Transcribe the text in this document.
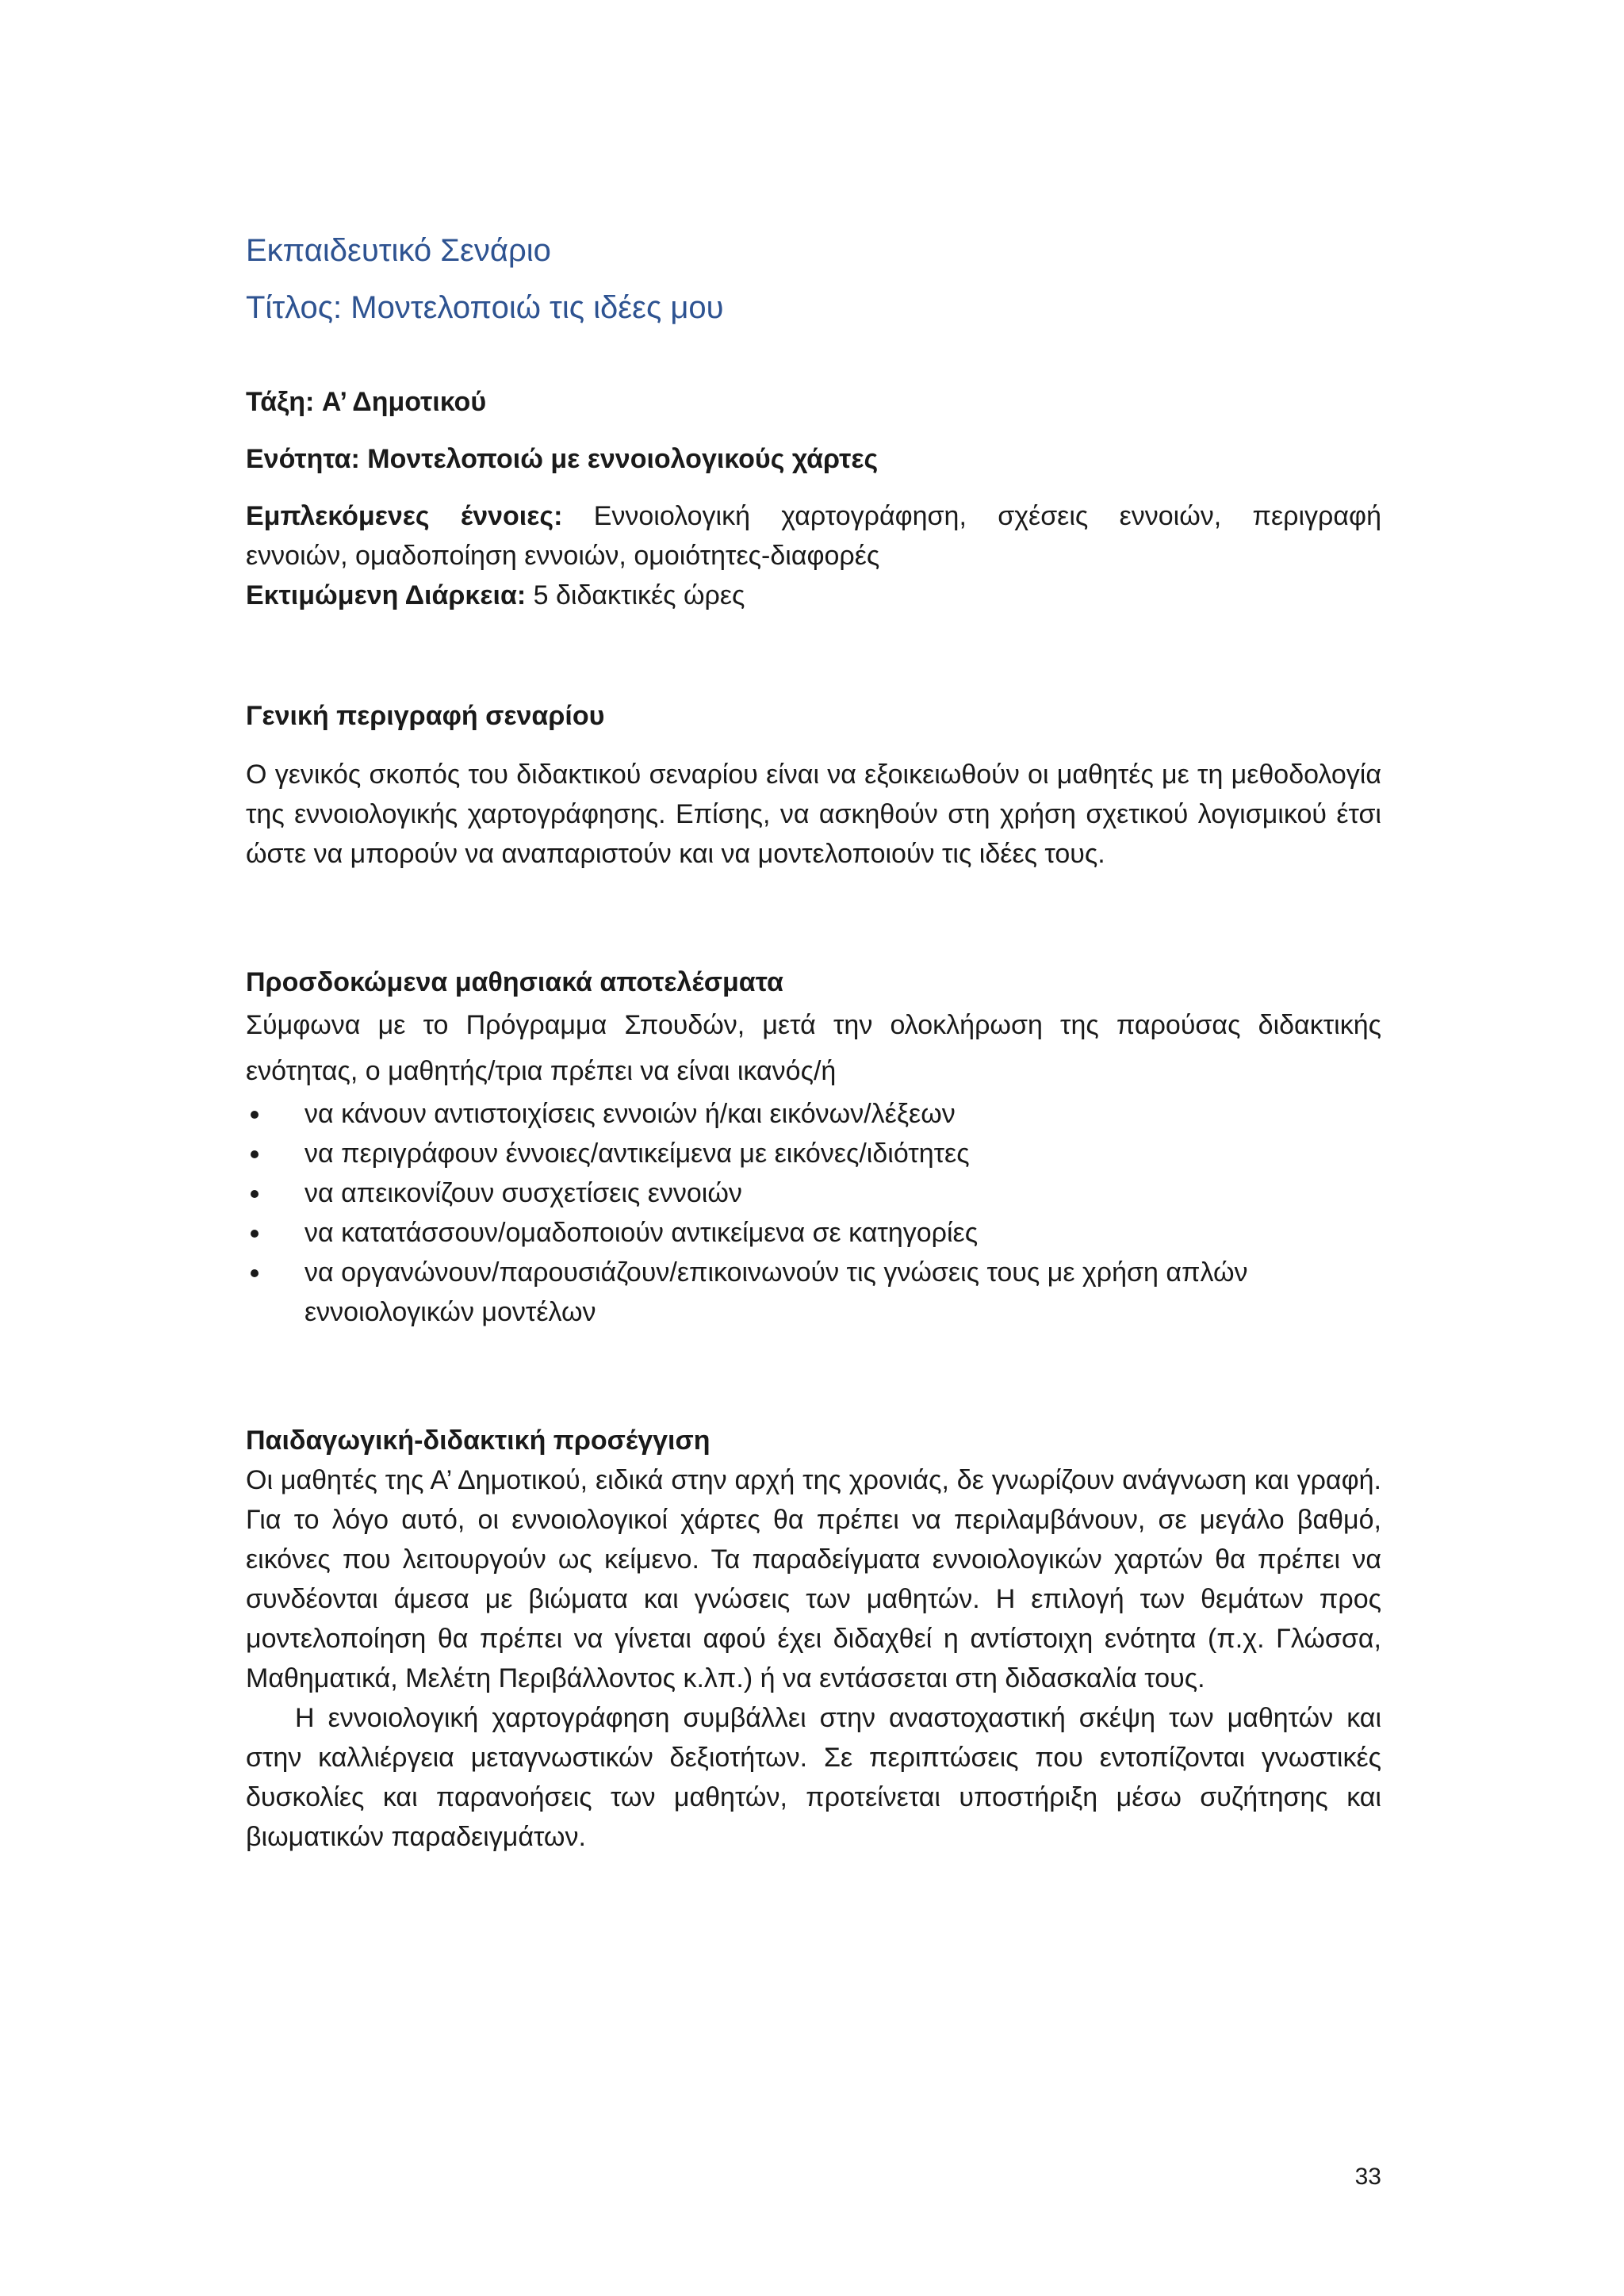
Εκπαιδευτικό Σενάριο
Τίτλος: Μοντελοποιώ τις ιδέες μου

Τάξη: Α’ Δημοτικού

Ενότητα: Μοντελοποιώ με εννοιολογικούς χάρτες

Εμπλεκόμενες έννοιες: Εννοιολογική χαρτογράφηση, σχέσεις εννοιών, περιγραφή

εννοιών, ομαδοποίηση εννοιών, ομοιότητες-διαφορές

Εκτιμώμενη Διάρκεια: 5 διδακτικές ώρες

Γενική περιγραφή σεναρίου

Ο γενικός σκοπός του διδακτικού σεναρίου είναι να εξοικειωθούν οι μαθητές με τη μεθοδολογία της εννοιολογικής χαρτογράφησης. Επίσης, να ασκηθούν στη χρήση σχετικού λογισμικού έτσι ώστε να μπορούν να αναπαριστούν και να μοντελοποιούν τις ιδέες τους.

Προσδοκώμενα μαθησιακά αποτελέσματα

Σύμφωνα με το Πρόγραμμα Σπουδών, μετά την ολοκλήρωση της παρούσας διδακτικής ενότητας, ο μαθητής/τρια πρέπει να είναι ικανός/ή

να κάνουν αντιστοιχίσεις εννοιών ή/και εικόνων/λέξεων
να περιγράφουν έννοιες/αντικείμενα με εικόνες/ιδιότητες
να απεικονίζουν συσχετίσεις εννοιών
να κατατάσσουν/ομαδοποιούν αντικείμενα σε κατηγορίες
να οργανώνουν/παρουσιάζουν/επικοινωνούν τις γνώσεις τους με χρήση απλών εννοιολογικών μοντέλων
Παιδαγωγική-διδακτική προσέγγιση

Οι μαθητές της Α’ Δημοτικού, ειδικά στην αρχή της χρονιάς, δε γνωρίζουν ανάγνωση και γραφή. Για το λόγο αυτό, οι εννοιολογικοί χάρτες θα πρέπει να περιλαμβάνουν, σε μεγάλο βαθμό, εικόνες που λειτουργούν ως κείμενο. Τα παραδείγματα εννοιολογικών χαρτών θα πρέπει να συνδέονται άμεσα με βιώματα και γνώσεις των μαθητών. Η επιλογή των θεμάτων προς μοντελοποίηση θα πρέπει να γίνεται αφού έχει διδαχθεί η αντίστοιχη ενότητα (π.χ. Γλώσσα, Μαθηματικά, Μελέτη Περιβάλλοντος κ.λπ.) ή να εντάσσεται στη διδασκαλία τους.

Η εννοιολογική χαρτογράφηση συμβάλλει στην αναστοχαστική σκέψη των μαθητών και στην καλλιέργεια μεταγνωστικών δεξιοτήτων. Σε περιπτώσεις που εντοπίζονται γνωστικές δυσκολίες και παρανοήσεις των μαθητών, προτείνεται υποστήριξη μέσω συζήτησης και βιωματικών παραδειγμάτων.

33
